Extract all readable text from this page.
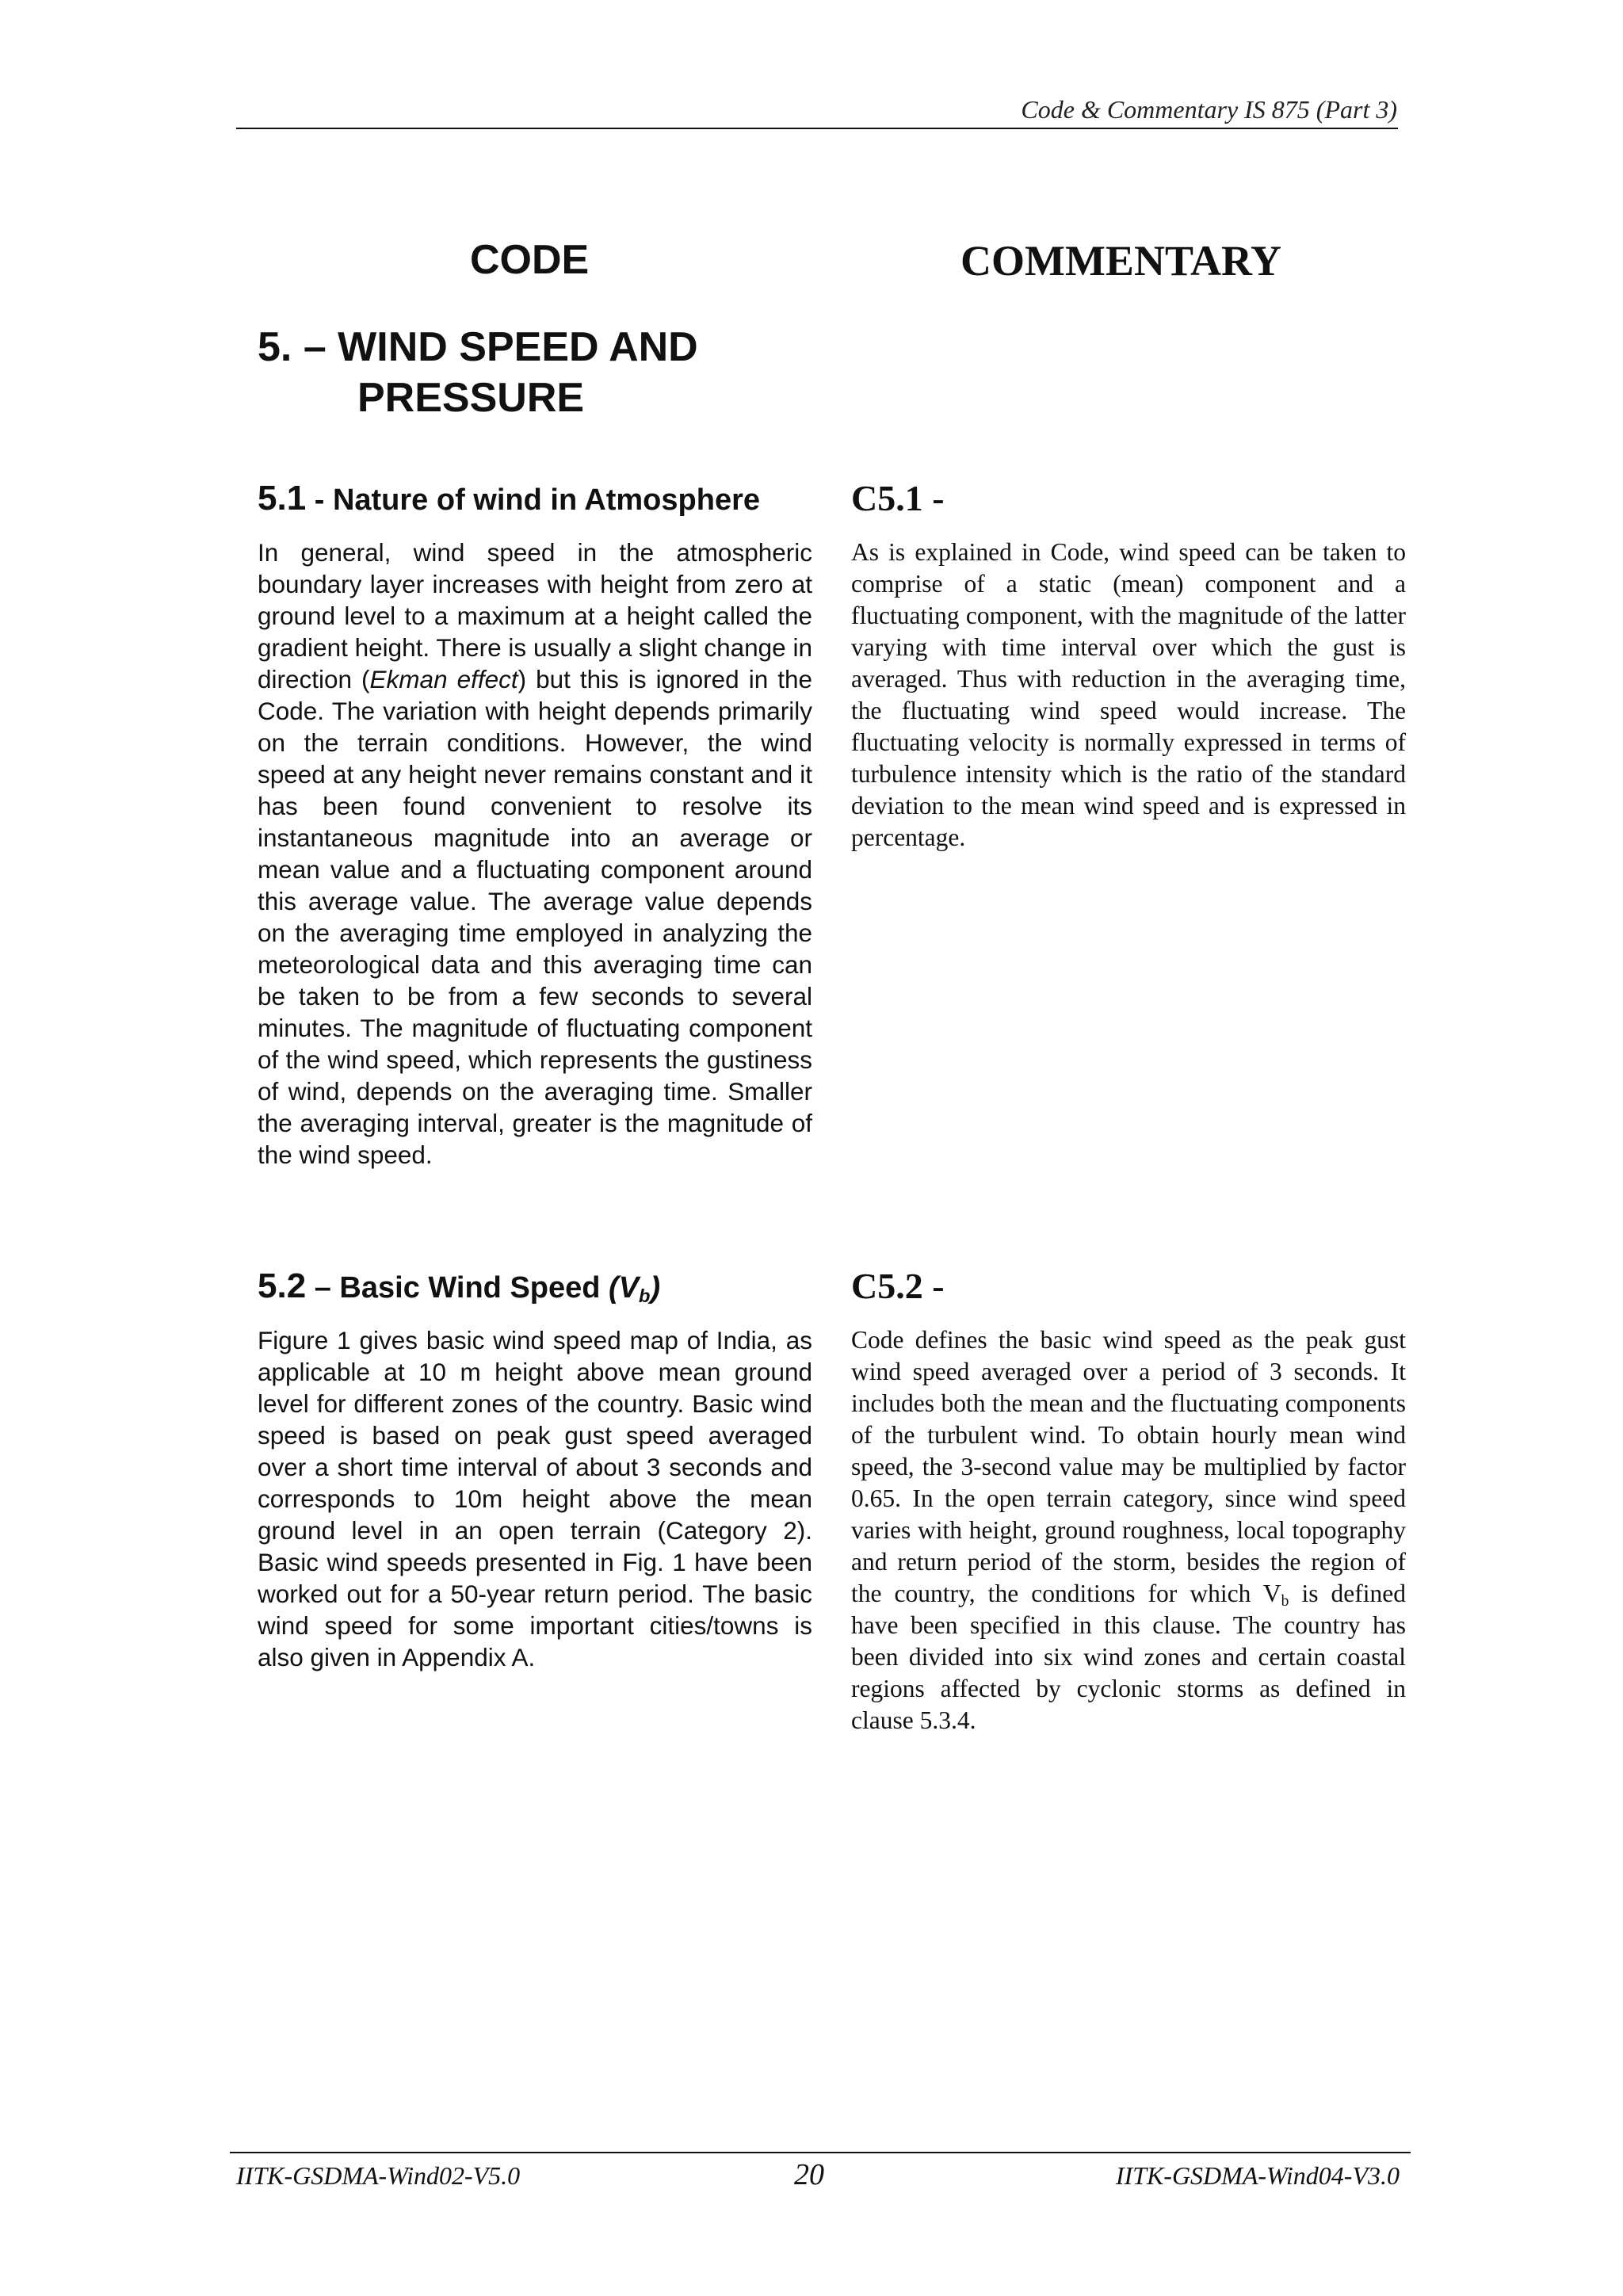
Code & Commentary IS 875 (Part 3)
CODE	COMMENTARY
5. – WIND SPEED AND
PRESSURE
5.1 - Nature of wind in Atmosphere C5.1 -
In general, wind speed in the atmospheric boundary layer increases with height from zero at ground level to a maximum at a height called the gradient height. There is usually a slight change in direction (Ekman effect) but this is ignored in the Code. The variation with height depends primarily on the terrain conditions. However, the wind speed at any height never remains constant and it has been found convenient to resolve its instantaneous magnitude into an average or mean value and a fluctuating component around this average value. The average value depends on the averaging time employed in analyzing the meteorological data and this averaging time can be taken to be from a few seconds to several minutes. The magnitude of fluctuating component of the wind speed, which represents the gustiness of wind, depends on the averaging time. Smaller the averaging interval, greater is the magnitude of the wind speed.
As is explained in Code, wind speed can be taken to comprise of a static (mean) component and a fluctuating component, with the magnitude of the latter varying with time interval over which the gust is averaged. Thus with reduction in the averaging time, the fluctuating wind speed would increase. The fluctuating velocity is normally expressed in terms of turbulence intensity which is the ratio of the standard deviation to the mean wind speed and is expressed in percentage.
5.2 – Basic Wind Speed $(V_b)$	C5.2 -
Figure 1 gives basic wind speed map of India, as applicable at 10 m height above mean ground level for different zones of the country. Basic wind speed is based on peak gust speed averaged over a short time interval of about 3 seconds and corresponds to 10m height above the mean ground level in an open terrain (Category 2). Basic wind speeds presented in Fig. 1 have been worked out for a 50-year return period. The basic wind speed for some important cities/towns is also given in Appendix A.
Code defines the basic wind speed as the peak gust wind speed averaged over a period of 3 seconds. It includes both the mean and the fluctuating components of the turbulent wind. To obtain hourly mean wind speed, the 3-second value may be multiplied by factor 0.65. In the open terrain category, since wind speed varies with height, ground roughness, local topography and return period of the storm, besides the region of the country, the conditions for which $V_b$ is defined have been specified in this clause. The country has been divided into six wind zones and certain coastal regions affected by cyclonic storms as defined in clause 5.3.4.
IITK-GSDMA-Wind02-V5.0	20	IITK-GSDMA-Wind04-V3.0
